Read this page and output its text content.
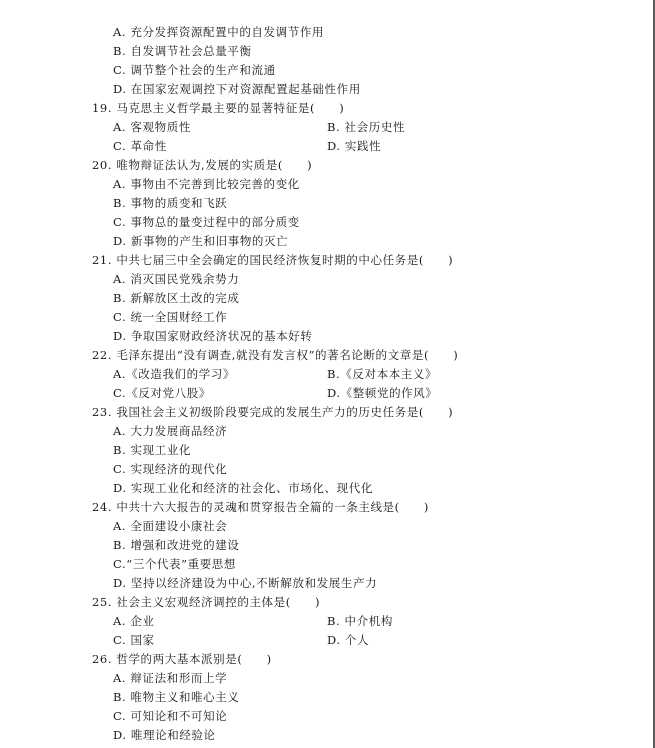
A. 充分发挥资源配置中的自发调节作用
B. 自发调节社会总量平衡
C. 调节整个社会的生产和流通
D. 在国家宏观调控下对资源配置起基础性作用
19. 马克思主义哲学最主要的显著特征是(　　)
A. 客观物质性	B. 社会历史性
C. 革命性	D. 实践性
20. 唯物辩证法认为,发展的实质是(　　)
A. 事物由不完善到比较完善的变化
B. 事物的质变和飞跃
C. 事物总的量变过程中的部分质变
D. 新事物的产生和旧事物的灭亡
21. 中共七届三中全会确定的国民经济恢复时期的中心任务是(　　)
A. 消灭国民党残余势力
B. 新解放区土改的完成
C. 统一全国财经工作
D. 争取国家财政经济状况的基本好转
22. 毛泽东提出“没有调查,就没有发言权”的著名论断的文章是(　　)
A.《改造我们的学习》	B.《反对本本主义》
C.《反对党八股》	D.《整顿党的作风》
23. 我国社会主义初级阶段要完成的发展生产力的历史任务是(　　)
A. 大力发展商品经济
B. 实现工业化
C. 实现经济的现代化
D. 实现工业化和经济的社会化、市场化、现代化
24. 中共十六大报告的灵魂和贯穿报告全篇的一条主线是(　　)
A. 全面建设小康社会
B. 增强和改进党的建设
C.“三个代表”重要思想
D. 坚持以经济建设为中心,不断解放和发展生产力
25. 社会主义宏观经济调控的主体是(　　)
A. 企业	B. 中介机构
C. 国家	D. 个人
26. 哲学的两大基本派别是(　　)
A. 辩证法和形而上学
B. 唯物主义和唯心主义
C. 可知论和不可知论
D. 唯理论和经验论
